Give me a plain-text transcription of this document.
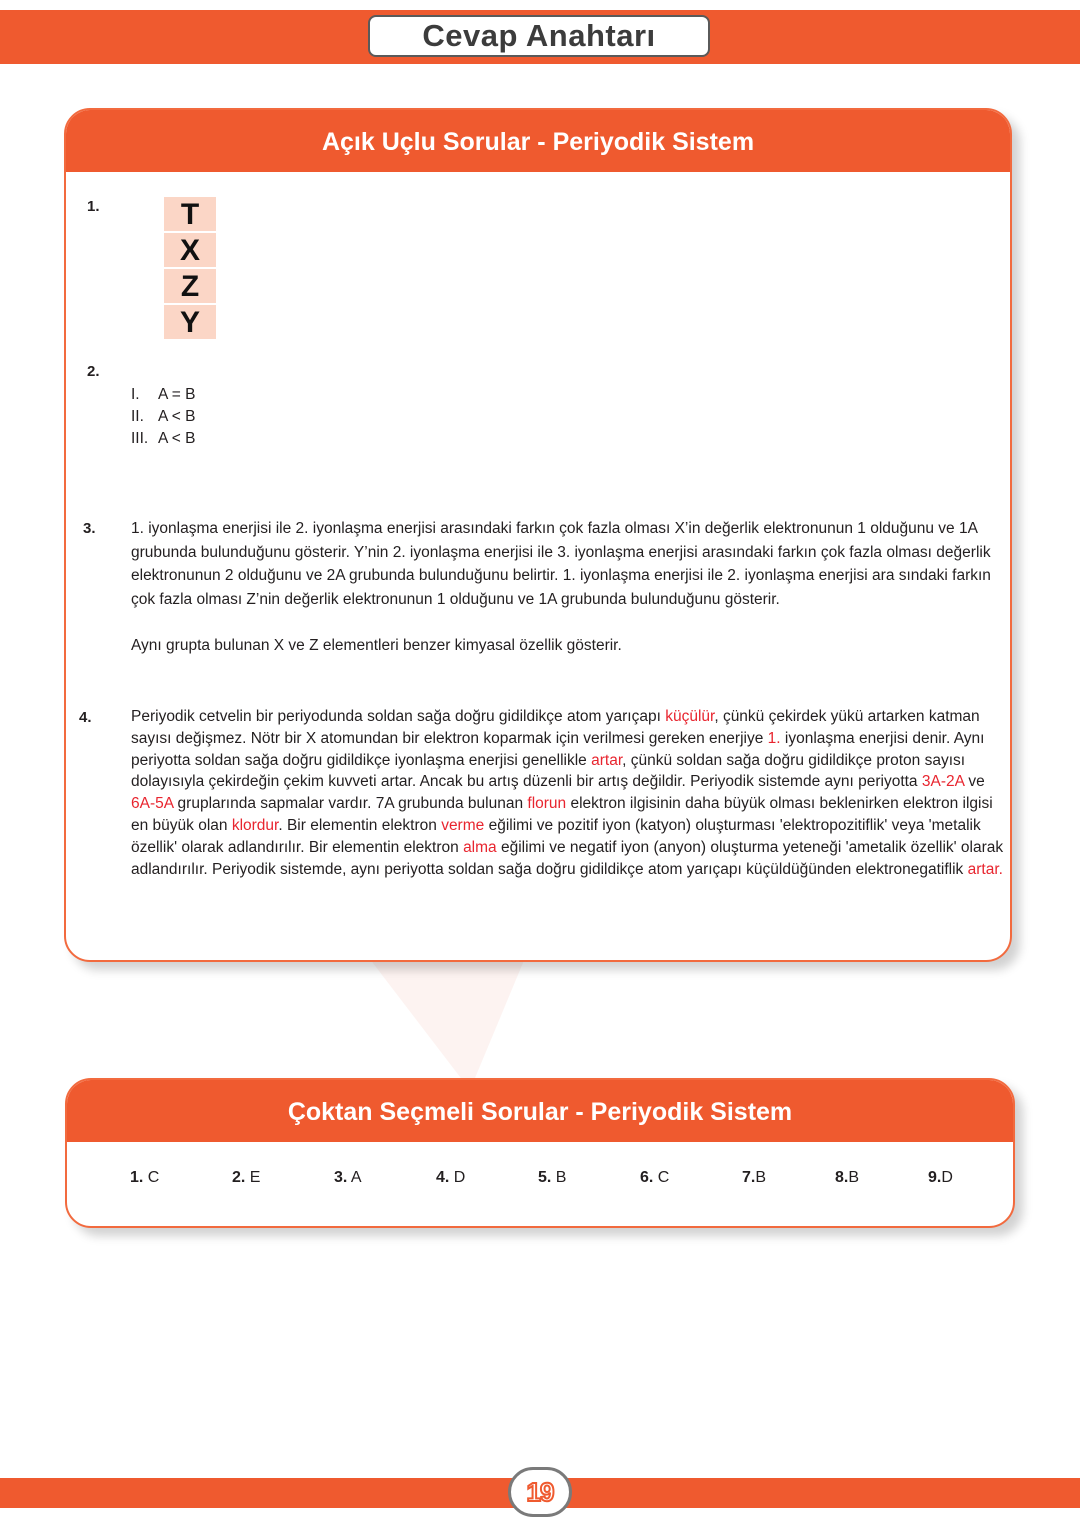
Cevap Anahtarı
Açık Uçlu Sorular - Periyodik Sistem
1.	T
X
Z
Y
2.
I. A = B
II. A < B
III. A < B
3. 1. iyonlaşma enerjisi ile 2. iyonlaşma enerjisi arasındaki farkın çok fazla olması X’in değerlik elektronunun 1 olduğunu ve 1A grubunda bulunduğunu gösterir. Y’nin 2. iyonlaşma enerjisi ile 3. iyonlaşma enerjisi arasındaki farkın çok fazla olması değerlik elektronunun 2 olduğunu ve 2A grubunda bulunduğunu belirtir. 1. iyonlaşma enerjisi ile 2. iyonlaşma enerjisi ara sındaki farkın çok fazla olması Z’nin değerlik elektronunun 1 olduğunu ve 1A grubunda bulunduğunu gösterir.

Aynı grupta bulunan X ve Z elementleri benzer kimyasal özellik gösterir.

4.	Periyodik cetvelin bir periyodunda soldan sağa doğru gidildikçe atom yarıçapı küçülür, çünkü çekirdek yükü artarken katman sayısı değişmez. Nötr bir X atomundan bir elektron koparmak için verilmesi gereken enerjiye 1. iyonlaşma enerjisi denir. Aynı periyotta soldan sağa doğru gidildikçe iyonlaşma enerjisi genellikle artar, çünkü soldan sağa doğru gidildikçe proton sayısı dolayısıyla çekirdeğin çekim kuvveti artar. Ancak bu artış düzenli bir artış değildir. Periyodik sistemde aynı periyotta 3A-2A ve 6A-5A gruplarında sapmalar vardır. 7A grubunda bulunan florun elektron ilgisinin daha büyük olması beklenirken elektron ilgisi en büyük olan klordur. Bir elementin elektron verme eğilimi ve pozitif iyon (katyon) oluşturması 'elektropozitiflik' veya 'metalik özellik' olarak adlandırılır. Bir elementin elektron alma eğilimi ve negatif iyon (anyon) oluşturma yeteneği 'ametalik özellik' olarak adlandırılır. Periyodik sistemde, aynı periyotta soldan sağa doğru gidildikçe atom yarıçapı küçüldüğünden elektronegatiflik artar.
Çoktan Seçmeli Sorular - Periyodik Sistem
1. C	2. E	3. A	4. D	5. B	6. C	7.B	8.B	9.D
19
